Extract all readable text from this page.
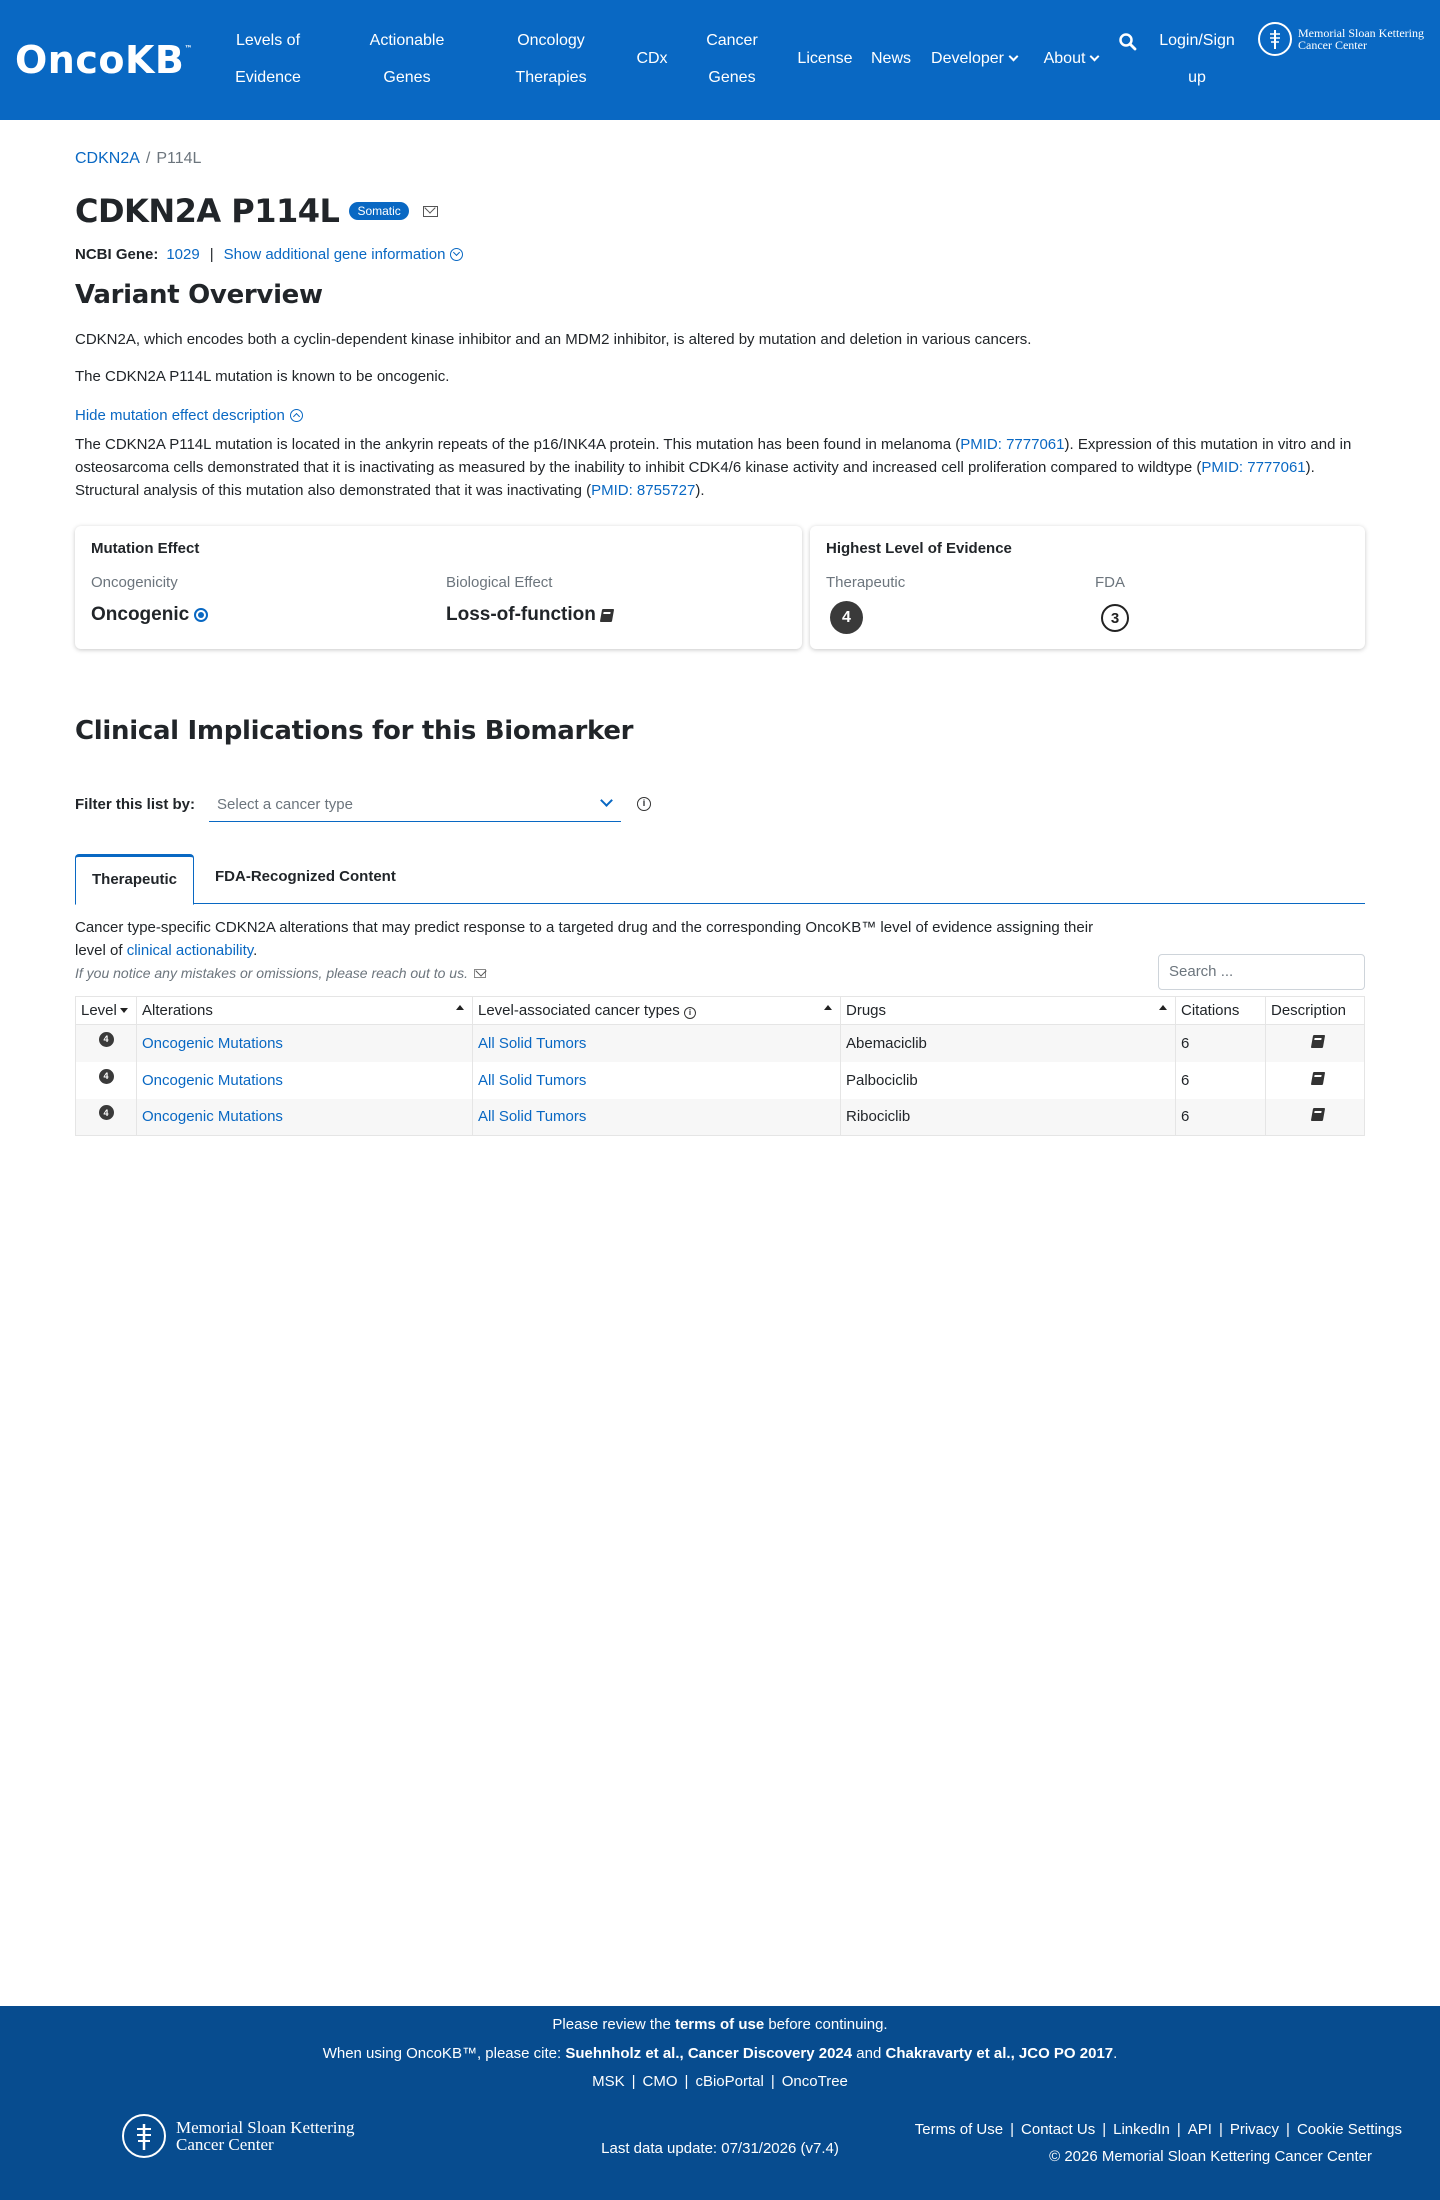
OncoKB™	Levels of
Evidence
Actionable
Genes
Oncology
Therapies
CDx
Cancer
Genes
License	News	Developer	About
Login/Sign
up
Memorial Sloan Kettering
Cancer Center
CDKN2A / P114L
CDKN2A P114L	Somatic
NCBI Gene: 1029 | Show additional gene information
Variant Overview

CDKN2A, which encodes both a cyclin-dependent kinase inhibitor and an MDM2 inhibitor, is altered by mutation and deletion in various cancers.

The CDKN2A P114L mutation is known to be oncogenic.

Hide mutation effect description

The CDKN2A P114L mutation is located in the ankyrin repeats of the p16/INK4A protein. This mutation has been found in melanoma (PMID: 7777061). Expression of this mutation in vitro and in osteosarcoma cells demonstrated that it is inactivating as measured by the inability to inhibit CDK4/6 kinase activity and increased cell proliferation compared to wildtype (PMID: 7777061). Structural analysis of this mutation also demonstrated that it was inactivating (PMID: 8755727).

Mutation Effect
Oncogenicity
Oncogenic
Biological Effect
Loss-of-function
Highest Level of Evidence
Therapeutic
4
FDA
3
Clinical Implications for this Biomarker
Filter this list by:	Select a cancer type	i
Therapeutic	FDA-Recognized Content

Cancer type-specific CDKN2A alterations that may predict response to a targeted drug and the corresponding OncoKB™ level of evidence assigning their level of clinical actionability.

If you notice any mistakes or omissions, please reach out to us.	Search ...
Level	Alterations	Level-associated cancer types i	Drugs	Citations	Description

4	Oncogenic Mutations	All Solid Tumors	Abemaciclib	6	

4	Oncogenic Mutations	All Solid Tumors	Palbociclib	6	

4	Oncogenic Mutations	All Solid Tumors	Ribociclib	6	
Please review the terms of use before continuing.
When using OncoKB™, please cite: Suehnholz et al., Cancer Discovery 2024 and Chakravarty et al., JCO PO 2017.
MSK | CMO | cBioPortal | OncoTree
Memorial Sloan Kettering
Cancer Center	Last data update: 07/31/2026 (v7.4)
Terms of Use | Contact Us | LinkedIn | API | Privacy | Cookie Settings
© 2026 Memorial Sloan Kettering Cancer Center
